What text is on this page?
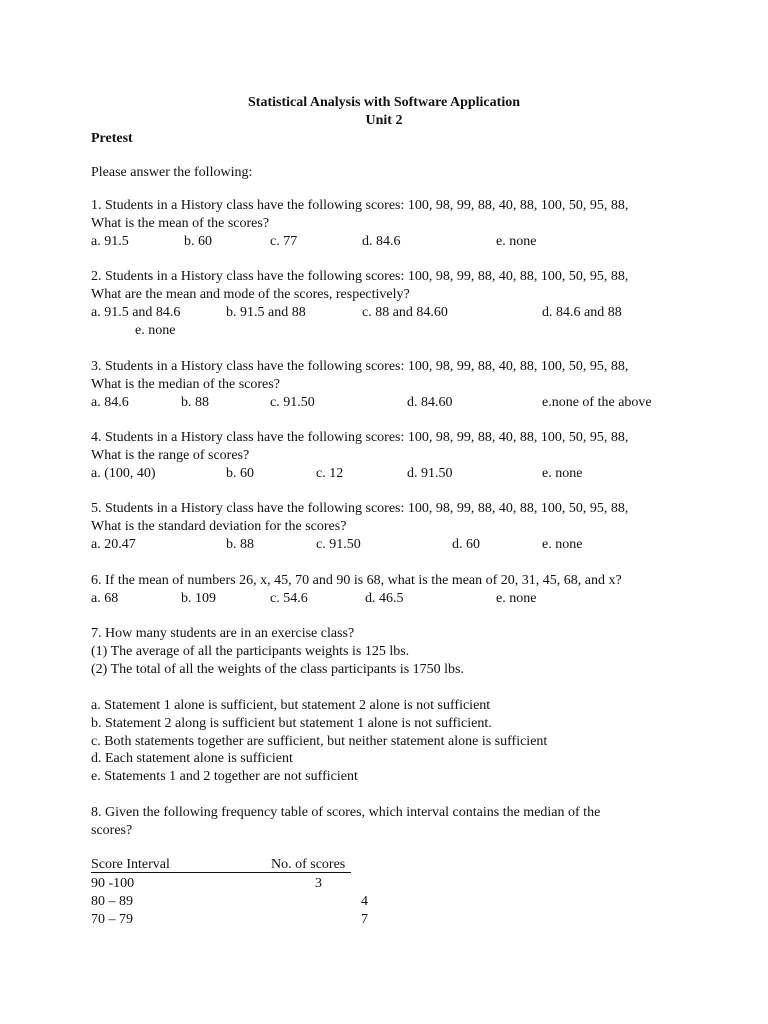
Statistical Analysis with Software Application
Unit 2
Pretest
Please answer the following:
1. Students in a History class have the following scores: 100, 98, 99, 88, 40, 88, 100, 50, 95, 88,
What is the mean of the scores?
a. 91.5	b. 60	c. 77	d. 84.6	e. none
2. Students in a History class have the following scores: 100, 98, 99, 88, 40, 88, 100, 50, 95, 88,
What are the mean and mode of the scores, respectively?
a. 91.5 and 84.6	b. 91.5 and 88	c. 88 and 84.60	d. 84.6 and 88
e. none
3. Students in a History class have the following scores: 100, 98, 99, 88, 40, 88, 100, 50, 95, 88,
What is the median of the scores?
a. 84.6	b. 88	c. 91.50	d. 84.60	e.none of the above
4. Students in a History class have the following scores: 100, 98, 99, 88, 40, 88, 100, 50, 95, 88,
What is the range of scores?
a. (100, 40)	b. 60	c. 12	d. 91.50	e. none
5. Students in a History class have the following scores: 100, 98, 99, 88, 40, 88, 100, 50, 95, 88,
What is the standard deviation for the scores?
a. 20.47	b. 88	c. 91.50	d. 60	e. none
6. If the mean of numbers 26, x, 45, 70 and 90 is 68, what is the mean of 20, 31, 45, 68, and x?
a. 68	b. 109	c. 54.6	d. 46.5	e. none
7. How many students are in an exercise class?
(1) The average of all the participants weights is 125 lbs.
(2) The total of all the weights of the class participants is 1750 lbs.
a. Statement 1 alone is sufficient, but statement 2 alone is not sufficient
b. Statement 2 along is sufficient but statement 1 alone is not sufficient.
c. Both statements together are sufficient, but neither statement alone is sufficient
d. Each statement alone is sufficient
e. Statements 1 and 2 together are not sufficient
8. Given the following frequency table of scores, which interval contains the median of the
scores?
Score Interval	No. of scores
90 -100	3
80 – 89	4
70 – 79	7
